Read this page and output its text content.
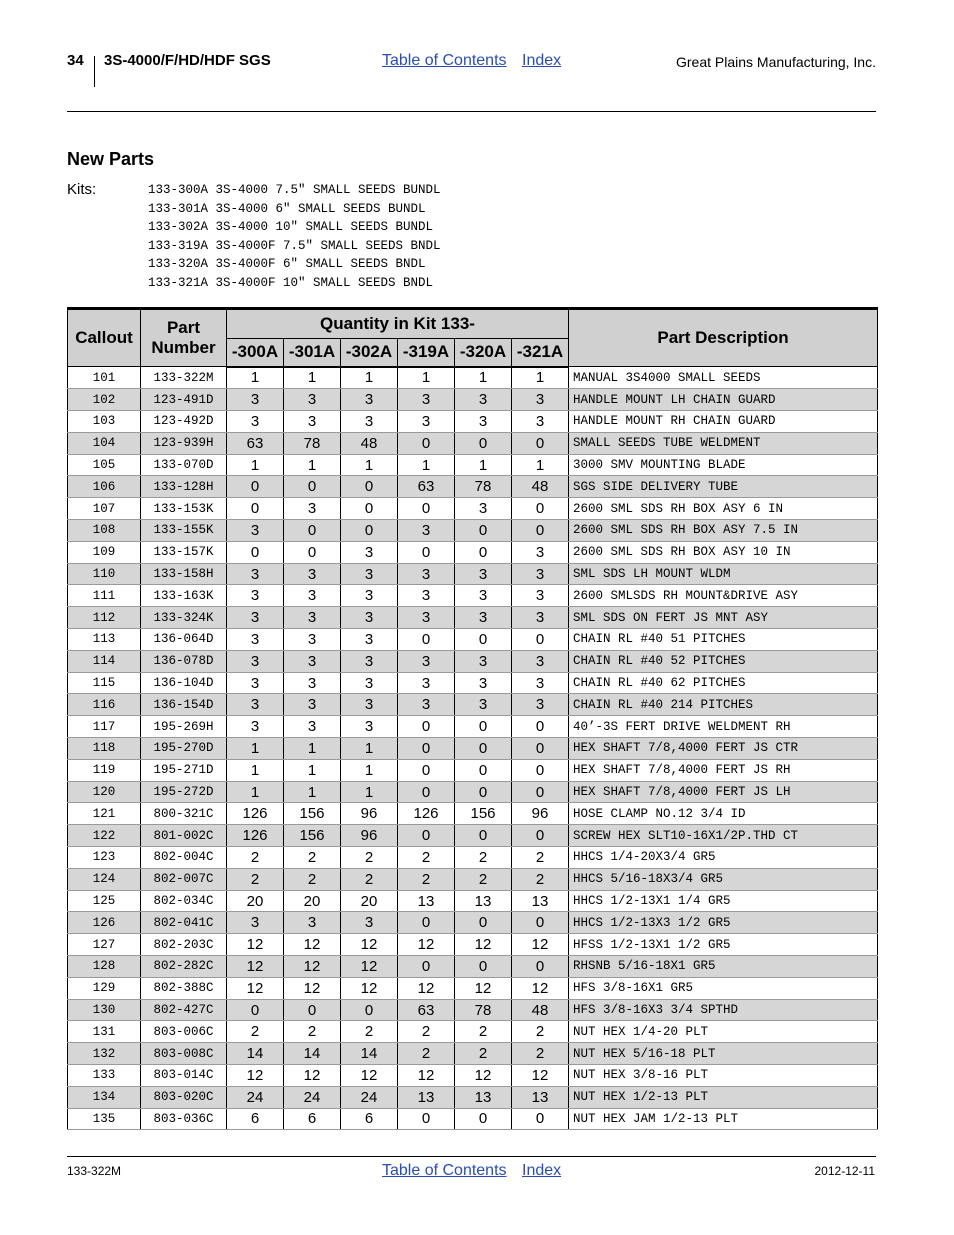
34 3S-4000/F/HD/HDF SGS	Table of Contents Index	Great Plains Manufacturing, Inc.
New Parts
Kits:	133-300A 3S-4000 7.5" SMALL SEEDS BUNDL
133-301A 3S-4000 6" SMALL SEEDS BUNDL
133-302A 3S-4000 10" SMALL SEEDS BUNDL
133-319A 3S-4000F 7.5" SMALL SEEDS BNDL
133-320A 3S-4000F 6" SMALL SEEDS BNDL
133-321A 3S-4000F 10" SMALL SEEDS BNDL
Callout	Part
Number	Quantity in Kit 133-						Part Description
		-300A	-301A	-302A	-319A	-320A	-321A	
101	133-322M	1	1	1	1	1	1	MANUAL 3S4000 SMALL SEEDS
102	123-491D	3	3	3	3	3	3	HANDLE MOUNT LH CHAIN GUARD
103	123-492D	3	3	3	3	3	3	HANDLE MOUNT RH CHAIN GUARD
104	123-939H	63	78	48	0	0	0	SMALL SEEDS TUBE WELDMENT
105	133-070D	1	1	1	1	1	1	3000 SMV MOUNTING BLADE
106	133-128H	0	0	0	63	78	48	SGS SIDE DELIVERY TUBE
107	133-153K	0	3	0	0	3	0	2600 SML SDS RH BOX ASY 6 IN
108	133-155K	3	0	0	3	0	0	2600 SML SDS RH BOX ASY 7.5 IN
109	133-157K	0	0	3	0	0	3	2600 SML SDS RH BOX ASY 10 IN
110	133-158H	3	3	3	3	3	3	SML SDS LH MOUNT WLDM
111	133-163K	3	3	3	3	3	3	2600 SMLSDS RH MOUNT&DRIVE ASY
112	133-324K	3	3	3	3	3	3	SML SDS ON FERT JS MNT ASY
113	136-064D	3	3	3	0	0	0	CHAIN RL #40 51 PITCHES
114	136-078D	3	3	3	3	3	3	CHAIN RL #40 52 PITCHES
115	136-104D	3	3	3	3	3	3	CHAIN RL #40 62 PITCHES
116	136-154D	3	3	3	3	3	3	CHAIN RL #40 214 PITCHES
117	195-269H	3	3	3	0	0	0	40’-3S FERT DRIVE WELDMENT RH
118	195-270D	1	1	1	0	0	0	HEX SHAFT 7/8,4000 FERT JS CTR
119	195-271D	1	1	1	0	0	0	HEX SHAFT 7/8,4000 FERT JS RH
120	195-272D	1	1	1	0	0	0	HEX SHAFT 7/8,4000 FERT JS LH
121	800-321C	126	156	96	126	156	96	HOSE CLAMP NO.12 3/4 ID
122	801-002C	126	156	96	0	0	0	SCREW HEX SLT10-16X1/2P.THD CT
123	802-004C	2	2	2	2	2	2	HHCS 1/4-20X3/4 GR5
124	802-007C	2	2	2	2	2	2	HHCS 5/16-18X3/4 GR5
125	802-034C	20	20	20	13	13	13	HHCS 1/2-13X1 1/4 GR5
126	802-041C	3	3	3	0	0	0	HHCS 1/2-13X3 1/2 GR5
127	802-203C	12	12	12	12	12	12	HFSS 1/2-13X1 1/2 GR5
128	802-282C	12	12	12	0	0	0	RHSNB 5/16-18X1 GR5
129	802-388C	12	12	12	12	12	12	HFS 3/8-16X1 GR5
130	802-427C	0	0	0	63	78	48	HFS 3/8-16X3 3/4 SPTHD
131	803-006C	2	2	2	2	2	2	NUT HEX 1/4-20 PLT
132	803-008C	14	14	14	2	2	2	NUT HEX 5/16-18 PLT
133	803-014C	12	12	12	12	12	12	NUT HEX 3/8-16 PLT
134	803-020C	24	24	24	13	13	13	NUT HEX 1/2-13 PLT
135	803-036C	6	6	6	0	0	0	NUT HEX JAM 1/2-13 PLT
133-322M	Table of Contents Index	2012-12-11
